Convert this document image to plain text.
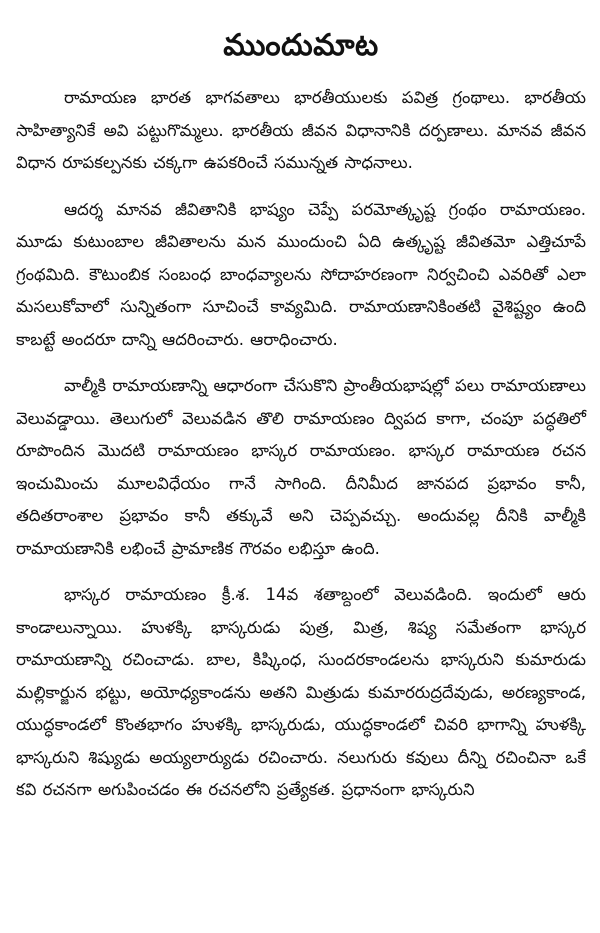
ముందుమాట

రామాయణ భారత భాగవతాలు భారతీయులకు పవిత్ర గ్రంథాలు. భారతీయ సాహిత్యానికే అవి పట్టుగొమ్మలు. భారతీయ జీవన విధానానికి దర్పణాలు. మానవ జీవన విధాన రూపకల్పనకు చక్కగా ఉపకరించే సమున్నత సాధనాలు.

ఆదర్శ మానవ జీవితానికి భాష్యం చెప్పే పరమోత్కృష్ట గ్రంథం రామాయణం. మూడు కుటుంబాల జీవితాలను మన ముందుంచి ఏది ఉత్కృష్ట జీవితమో ఎత్తిచూపే గ్రంథమిది. కౌటుంబిక సంబంధ బాంధవ్యాలను సోదాహరణంగా నిర్వచించి ఎవరితో ఎలా మసలుకోవాలో సున్నితంగా సూచించే కావ్యమిది. రామాయణానికింతటి వైశిష్ట్యం ఉంది కాబట్టే అందరూ దాన్ని ఆదరించారు. ఆరాధించారు.

వాల్మీకి రామాయణాన్ని ఆధారంగా చేసుకొని ప్రాంతీయభాషల్లో పలు రామాయణాలు వెలువడ్డాయి. తెలుగులో వెలువడిన తొలి రామాయణం ద్విపద కాగా, చంపూ పద్ధతిలో రూపొందిన మొదటి రామాయణం భాస్కర రామాయణం. భాస్కర రామాయణ రచన ఇంచుమించు మూలవిధేయం గానే సాగింది. దీనిమీద జానపద ప్రభావం కానీ, తదితరాంశాల ప్రభావం కానీ తక్కువే అని చెప్పవచ్చు. అందువల్ల దీనికి వాల్మీకి రామాయణానికి లభించే ప్రామాణిక గౌరవం లభిస్తూ ఉంది.

భాస్కర రామాయణం క్రీ.శ. 14వ శతాబ్దంలో వెలువడింది. ఇందులో ఆరు కాండాలున్నాయి. హుళక్కి భాస్కరుడు పుత్ర, మిత్ర, శిష్య సమేతంగా భాస్కర రామాయణాన్ని రచించాడు. బాల, కిష్కింధ, సుందరకాండలను భాస్కరుని కుమారుడు మల్లికార్జున భట్టు, అయోధ్యకాండను అతని మిత్రుడు కుమారరుద్రదేవుడు, అరణ్యకాండ, యుద్ధకాండలో కొంతభాగం హుళక్కి భాస్కరుడు, యుద్ధకాండలో చివరి భాగాన్ని హుళక్కి భాస్కరుని శిష్యుడు అయ్యలార్యుడు రచించారు. నలుగురు కవులు దీన్ని రచించినా ఒకే కవి రచనగా అగుపించడం ఈ రచనలోని ప్రత్యేకత. ప్రధానంగా భాస్కరుని
